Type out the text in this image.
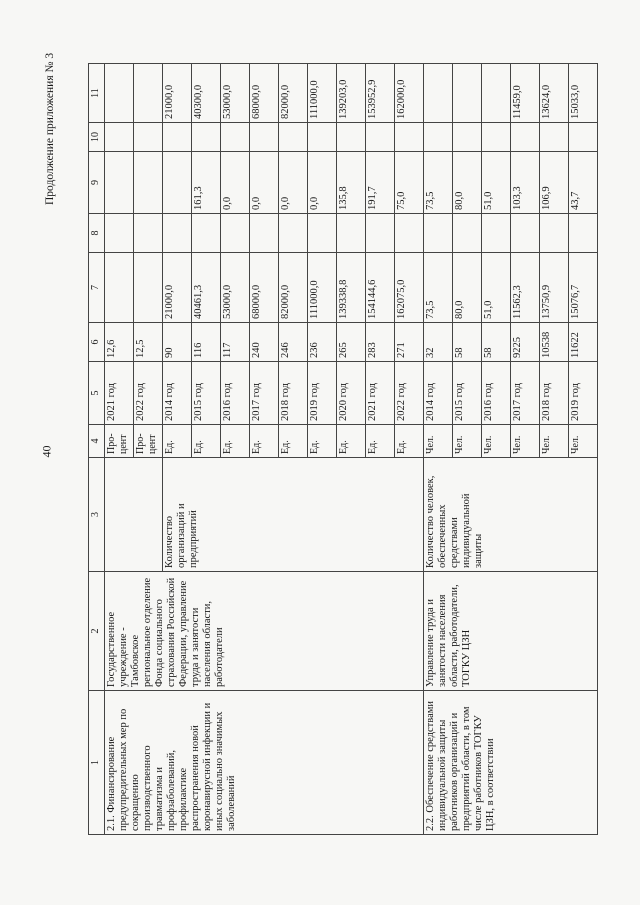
40
Продолжение приложения № 3
1	2	3	4	5	6	7	8	9	10	11
2.1. Финансирование предупредительных мер по сокращению производственного травматизма и профзаболеваний, профилактике распространения новой коронавирусной инфекции и иных социально значимых заболеваний	Государственное учреждение - Тамбовское региональное отделение Фонда социального страхования Российской Федерации, управление труда и занятости населения области, работодатели		Про-цент	2021 год	12,6					
			Про-цент	2022 год	12,5					
		Количество организаций и предприятий	Ед.	2014 год	90	21000,0				21000,0
			Ед.	2015 год	116	40461,3		161,3		40300,0
			Ед.	2016 год	117	53000,0		0,0		53000,0
			Ед.	2017 год	240	68000,0		0,0		68000,0
			Ед.	2018 год	246	82000,0		0,0		82000,0
			Ед.	2019 год	236	111000,0		0,0		111000,0
			Ед.	2020 год	265	139338,8		135,8		139203,0
			Ед.	2021 год	283	154144,6		191,7		153952,9
			Ед.	2022 год	271	162075,0		75,0		162000,0
2.2. Обеспечение средствами индивидуальной защиты работников организаций и предприятий области, в том числе работников ТОГКУ ЦЗН, в соответствии	Управление труда и занятости населения области, работодатели, ТОГКУ ЦЗН	Количество человек, обеспеченных средствами индивидуальной защиты	Чел.	2014 год	32	73,5		73,5		
			Чел.	2015 год	58	80,0		80,0		
			Чел.	2016 год	58	51,0		51,0		
			Чел.	2017 год	9225	11562,3		103,3		11459,0
			Чел.	2018 год	10538	13750,9		106,9		13624,0
			Чел.	2019 год	11622	15076,7		43,7		15033,0
